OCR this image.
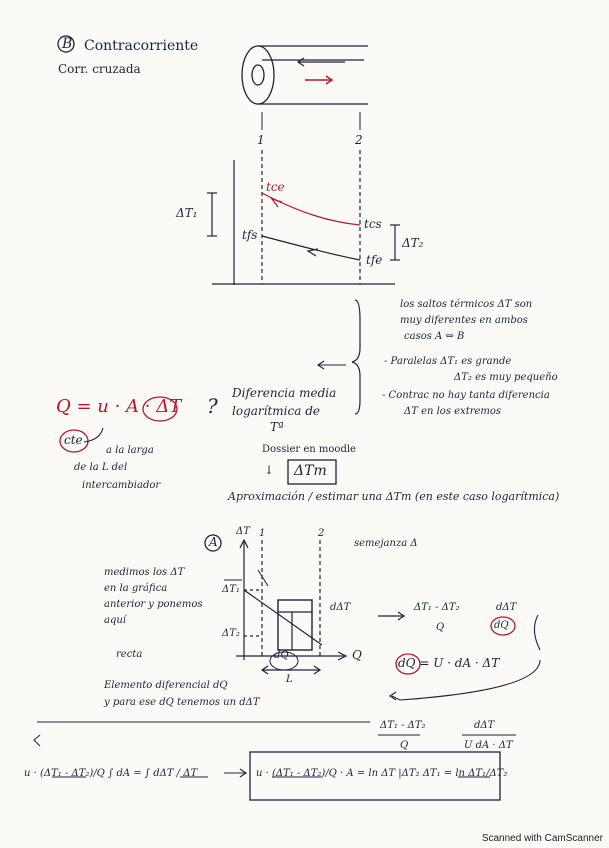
B Contracorriente
Corr. cruzada
1	2
tce
tcs
tfs
tfe
ΔT₁
ΔT₂
los saltos térmicos ΔT son
muy diferentes en ambos
casos A ⇔ B
- Paralelas ΔT₁ es grande
ΔT₂ es muy pequeño
- Contrac no hay tanta diferencia
ΔT en los extremos
Q = u · A · ΔT ?
Diferencia media
logarítmica de
Tª
cte
a la larga
de la L del
intercambiador
Dossier en moodle
↓ ΔTm
Aproximación / estimar una ΔTm (en este caso logarítmica)
A
ΔT
Q
1	2
semejanza Δ
medimos los ΔT
en la gráfica
anterior y ponemos
aquí
recta
Elemento diferencial dQ
y para ese dQ tenemos un dΔT
ΔT₁
ΔT₂
dΔT
dQ
L
ΔT₁ - ΔT₂
Q
dΔT
dQ
dQ = U · dA · ΔT
ΔT₁ - ΔT₂
Q
dΔT
U dA · ΔT
u · (ΔT₁ - ΔT₂)/Q ∫ dA = ∫ dΔT / ΔT	u · (ΔT₁ - ΔT₂)/Q · A = ln ΔT |ΔT₂ ΔT₁ = ln ΔT₁/ΔT₂
Scanned with CamScanner
